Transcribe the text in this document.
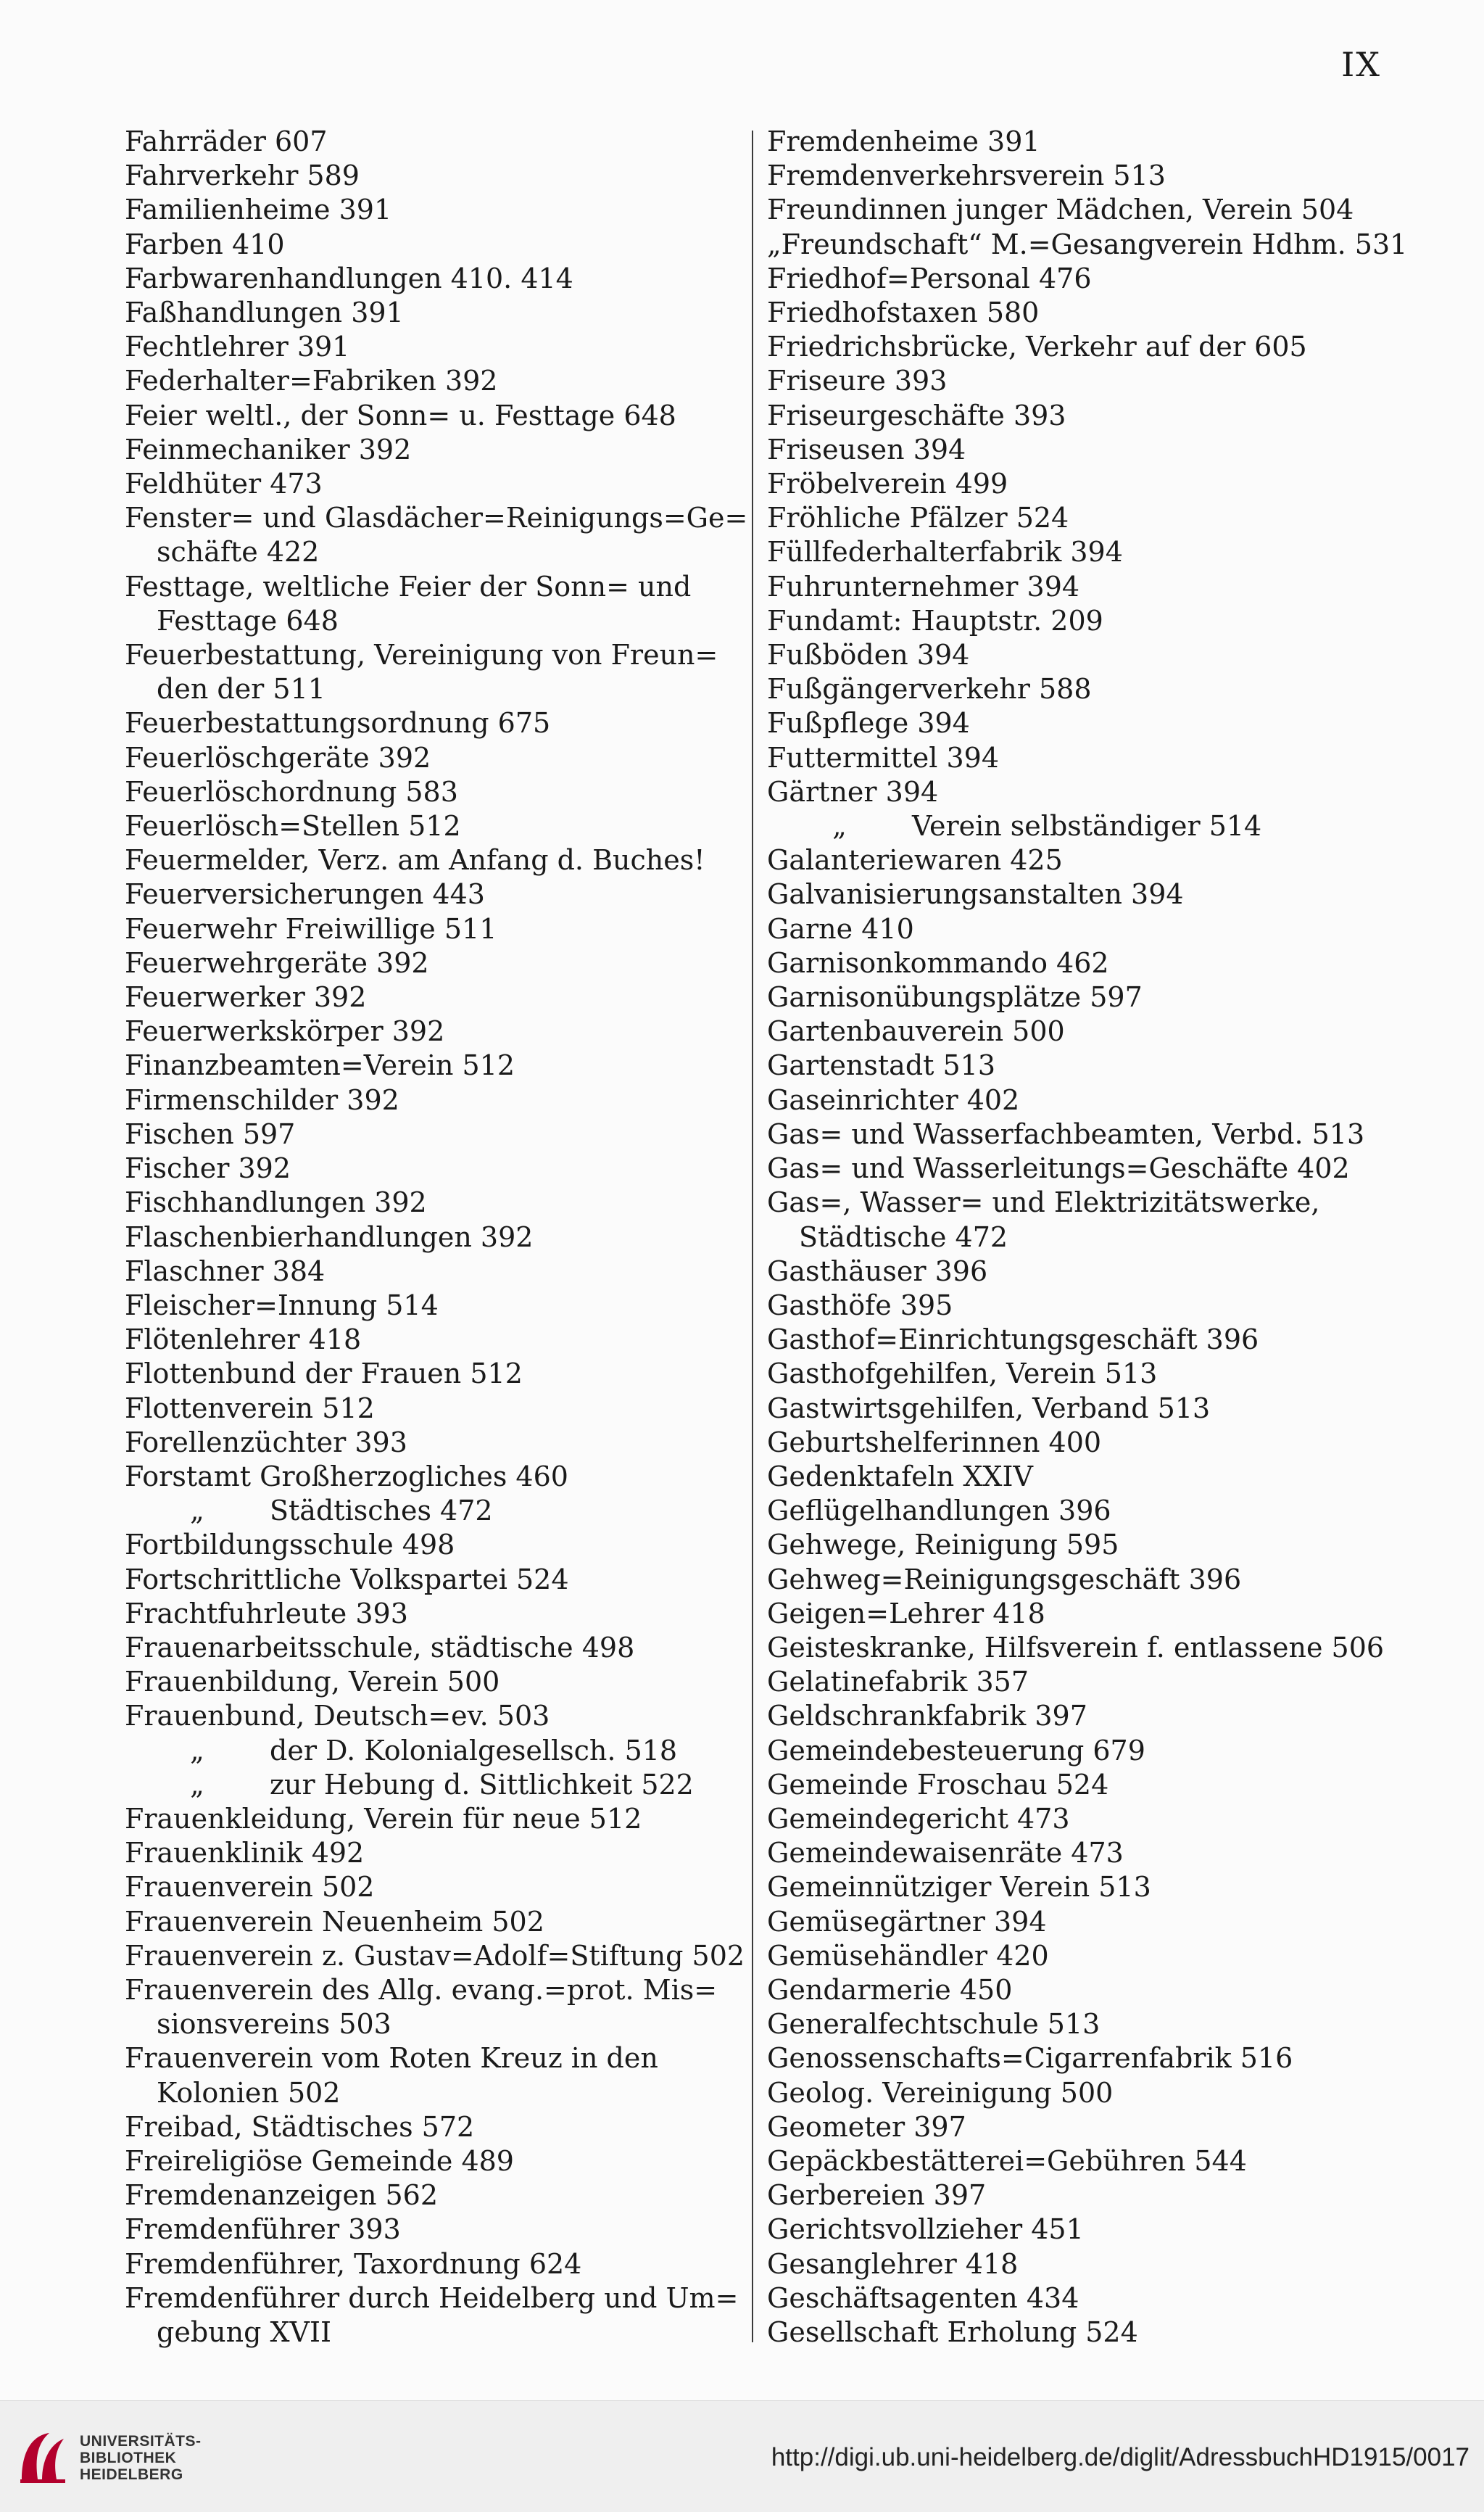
IX
Fahrräder 607
Fahrverkehr 589
Familienheime 391
Farben 410
Farbwarenhandlungen 410. 414
Faßhandlungen 391
Fechtlehrer 391
Federhalter=Fabriken 392
Feier weltl., der Sonn= u. Festtage 648
Feinmechaniker 392
Feldhüter 473
Fenster= und Glasdächer=Reinigungs=Ge=
schäfte 422
Festtage, weltliche Feier der Sonn= und
Festtage 648
Feuerbestattung, Vereinigung von Freun=
den der 511
Feuerbestattungsordnung 675
Feuerlöschgeräte 392
Feuerlöschordnung 583
Feuerlösch=Stellen 512
Feuermelder, Verz. am Anfang d. Buches!
Feuerversicherungen 443
Feuerwehr Freiwillige 511
Feuerwehrgeräte 392
Feuerwerker 392
Feuerwerkskörper 392
Finanzbeamten=Verein 512
Firmenschilder 392
Fischen 597
Fischer 392
Fischhandlungen 392
Flaschenbierhandlungen 392
Flaschner 384
Fleischer=Innung 514
Flötenlehrer 418
Flottenbund der Frauen 512
Flottenverein 512
Forellenzüchter 393
Forstamt Großherzogliches 460
„ Städtisches 472
Fortbildungsschule 498
Fortschrittliche Volkspartei 524
Frachtfuhrleute 393
Frauenarbeitsschule, städtische 498
Frauenbildung, Verein 500
Frauenbund, Deutsch=ev. 503
„ der D. Kolonialgesellsch. 518
„ zur Hebung d. Sittlichkeit 522
Frauenkleidung, Verein für neue 512
Frauenklinik 492
Frauenverein 502
Frauenverein Neuenheim 502
Frauenverein z. Gustav=Adolf=Stiftung 502
Frauenverein des Allg. evang.=prot. Mis=
sionsvereins 503
Frauenverein vom Roten Kreuz in den
Kolonien 502
Freibad, Städtisches 572
Freireligiöse Gemeinde 489
Fremdenanzeigen 562
Fremdenführer 393
Fremdenführer, Taxordnung 624
Fremdenführer durch Heidelberg und Um=
gebung XVII
Fremdenheime 391
Fremdenverkehrsverein 513
Freundinnen junger Mädchen, Verein 504
„Freundschaft“ M.=Gesangverein Hdhm. 531
Friedhof=Personal 476
Friedhofstaxen 580
Friedrichsbrücke, Verkehr auf der 605
Friseure 393
Friseurgeschäfte 393
Friseusen 394
Fröbelverein 499
Fröhliche Pfälzer 524
Füllfederhalterfabrik 394
Fuhrunternehmer 394
Fundamt: Hauptstr. 209
Fußböden 394
Fußgängerverkehr 588
Fußpflege 394
Futtermittel 394
Gärtner 394
„ Verein selbständiger 514
Galanteriewaren 425
Galvanisierungsanstalten 394
Garne 410
Garnisonkommando 462
Garnisonübungsplätze 597
Gartenbauverein 500
Gartenstadt 513
Gaseinrichter 402
Gas= und Wasserfachbeamten, Verbd. 513
Gas= und Wasserleitungs=Geschäfte 402
Gas=, Wasser= und Elektrizitätswerke,
Städtische 472
Gasthäuser 396
Gasthöfe 395
Gasthof=Einrichtungsgeschäft 396
Gasthofgehilfen, Verein 513
Gastwirtsgehilfen, Verband 513
Geburtshelferinnen 400
Gedenktafeln XXIV
Geflügelhandlungen 396
Gehwege, Reinigung 595
Gehweg=Reinigungsgeschäft 396
Geigen=Lehrer 418
Geisteskranke, Hilfsverein f. entlassene 506
Gelatinefabrik 357
Geldschrankfabrik 397
Gemeindebesteuerung 679
Gemeinde Froschau 524
Gemeindegericht 473
Gemeindewaisenräte 473
Gemeinnütziger Verein 513
Gemüsegärtner 394
Gemüsehändler 420
Gendarmerie 450
Generalfechtschule 513
Genossenschafts=Cigarrenfabrik 516
Geolog. Vereinigung 500
Geometer 397
Gepäckbestätterei=Gebühren 544
Gerbereien 397
Gerichtsvollzieher 451
Gesanglehrer 418
Geschäftsagenten 434
Gesellschaft Erholung 524
UNIVERSITÄTS-
BIBLIOTHEK
HEIDELBERG
http://digi.ub.uni-heidelberg.de/diglit/AdressbuchHD1915/0017
